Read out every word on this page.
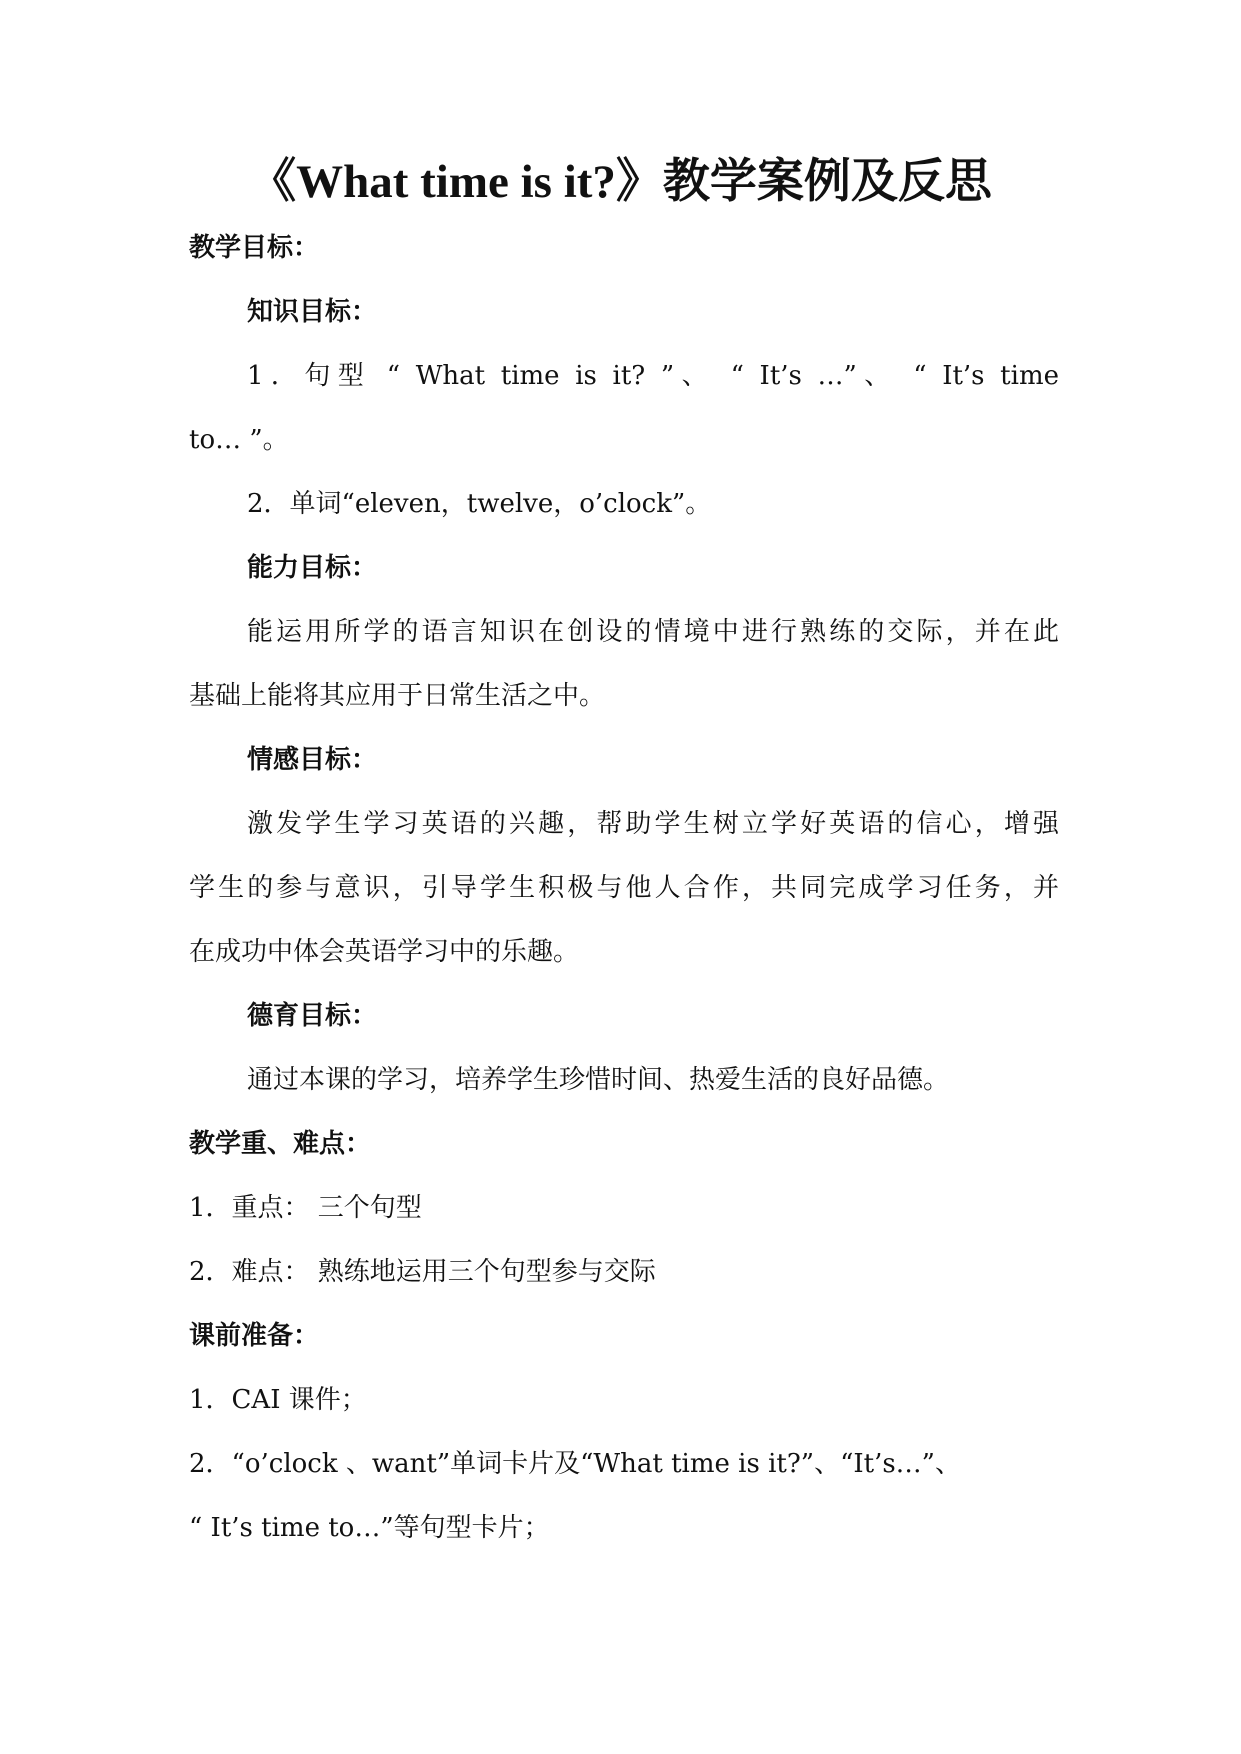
《What time is it?》教学案例及反思
教学目标：
知识目标：
1．句型 “ What time is it? ”、 “ It’s …”、 “ It’s time
to… ”。
2．单词“eleven，twelve，o’clock”。
能力目标：
能运用所学的语言知识在创设的情境中进行熟练的交际，并在此
基础上能将其应用于日常生活之中。
情感目标：
激发学生学习英语的兴趣，帮助学生树立学好英语的信心，增强
学生的参与意识，引导学生积极与他人合作，共同完成学习任务，并
在成功中体会英语学习中的乐趣。
德育目标：
通过本课的学习，培养学生珍惜时间、热爱生活的良好品德。
教学重、难点：
1．重点： 三个句型
2．难点： 熟练地运用三个句型参与交际
课前准备：
1．CAI 课件；
2．“o’clock 、want”单词卡片及“What time is it?”、“It’s…”、
“ It’s time to…”等句型卡片；
